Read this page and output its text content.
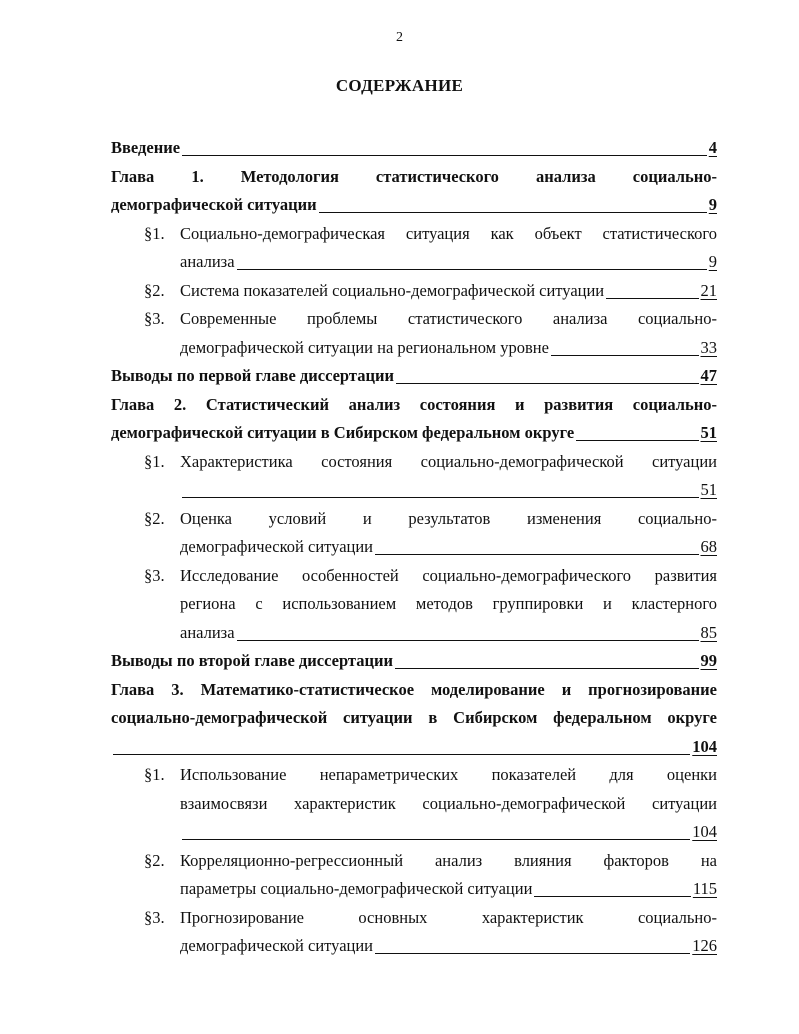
2
СОДЕРЖАНИЕ
Введение	4
Глава 1. Методология статистического анализа социально-
демографической ситуации	9
§1. Социально-демографическая ситуация как объект статистического
анализа	9
§2. Система показателей социально-демографической ситуации	21
§3. Современные проблемы статистического анализа социально-
демографической ситуации на региональном уровне	33
Выводы по первой главе диссертации	47
Глава 2. Статистический анализ состояния и развития социально-
демографической ситуации в Сибирском федеральном округе	51
§1. Характеристика состояния социально-демографической ситуации
51
§2. Оценка условий и результатов изменения социально-
демографической ситуации	68
§3. Исследование особенностей социально-демографического развития
региона с использованием методов группировки и кластерного
анализа	85
Выводы по второй главе диссертации	99
Глава 3. Математико-статистическое моделирование и прогнозирование
социально-демографической ситуации в Сибирском федеральном округе
104
§1. Использование непараметрических показателей для оценки
взаимосвязи характеристик социально-демографической ситуации
104
§2. Корреляционно-регрессионный анализ влияния факторов на
параметры социально-демографической ситуации	115
§3. Прогнозирование основных характеристик социально-
демографической ситуации	126
